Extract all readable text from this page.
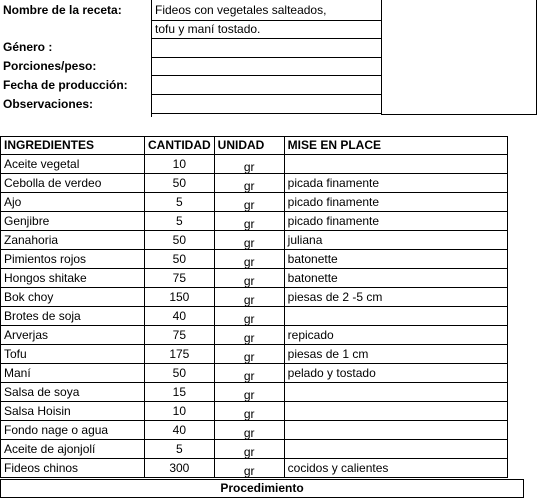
Nombre de la receta:	Fideos con vegetales salteados,
tofu y maní tostado.
Género :
Porciones/peso:
Fecha de producción:
Observaciones:
INGREDIENTES	CANTIDAD	UNIDAD	MISE EN PLACE
Aceite vegetal	10	gr	
Cebolla de verdeo	50	gr	picada finamente
Ajo	5	gr	picado finamente
Genjibre	5	gr	picado finamente
Zanahoria	50	gr	juliana
Pimientos rojos	50	gr	batonette
Hongos shitake	75	gr	batonette
Bok choy	150	gr	piesas de 2 -5 cm
Brotes de soja	40	gr	
Arverjas	75	gr	repicado
Tofu	175	gr	piesas de 1 cm
Maní	50	gr	pelado y tostado
Salsa de soya	15	gr	
Salsa Hoisin	10	gr	
Fondo nage o agua	40	gr	
Aceite de ajonjolí	5	gr	
Fideos chinos	300	gr	cocidos y calientes
Procedimiento
